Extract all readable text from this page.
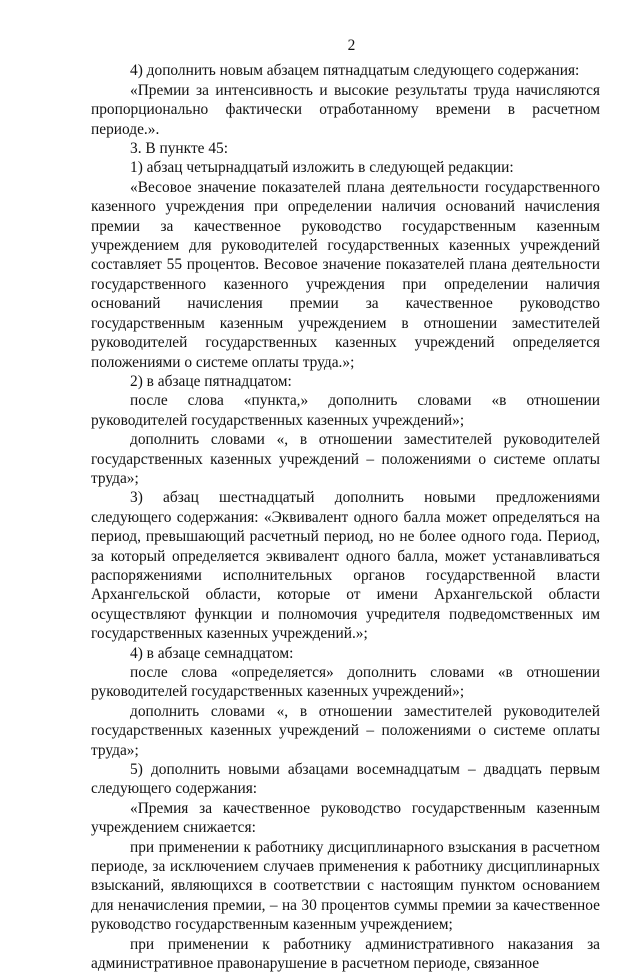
2

4) дополнить новым абзацем пятнадцатым следующего содержания:

«Премии за интенсивность и высокие результаты труда начисляются пропорционально фактически отработанному времени в расчетном периоде.».

3. В пункте 45:

1) абзац четырнадцатый изложить в следующей редакции:

«Весовое значение показателей плана деятельности государственного казенного учреждения при определении наличия оснований начисления премии за качественное руководство государственным казенным учреждением для руководителей государственных казенных учреждений составляет 55 процентов. Весовое значение показателей плана деятельности государственного казенного учреждения при определении наличия оснований начисления премии за качественное руководство государственным казенным учреждением в отношении заместителей руководителей государственных казенных учреждений определяется положениями о системе оплаты труда.»;

2) в абзаце пятнадцатом:

после слова «пункта,» дополнить словами «в отношении руководителей государственных казенных учреждений»;

дополнить словами «, в отношении заместителей руководителей государственных казенных учреждений – положениями о системе оплаты труда»;

3) абзац шестнадцатый дополнить новыми предложениями следующего содержания: «Эквивалент одного балла может определяться на период, превышающий расчетный период, но не более одного года. Период, за который определяется эквивалент одного балла, может устанавливаться распоряжениями исполнительных органов государственной власти Архангельской области, которые от имени Архангельской области осуществляют функции и полномочия учредителя подведомственных им государственных казенных учреждений.»;

4) в абзаце семнадцатом:

после слова «определяется» дополнить словами «в отношении руководителей государственных казенных учреждений»;

дополнить словами «, в отношении заместителей руководителей государственных казенных учреждений – положениями о системе оплаты труда»;

5) дополнить новыми абзацами восемнадцатым – двадцать первым следующего содержания:

«Премия за качественное руководство государственным казенным учреждением снижается:

при применении к работнику дисциплинарного взыскания в расчетном периоде, за исключением случаев применения к работнику дисциплинарных взысканий, являющихся в соответствии с настоящим пунктом основанием для неначисления премии, – на 30 процентов суммы премии за качественное руководство государственным казенным учреждением;

при применении к работнику административного наказания за административное правонарушение в расчетном периоде, связанное
